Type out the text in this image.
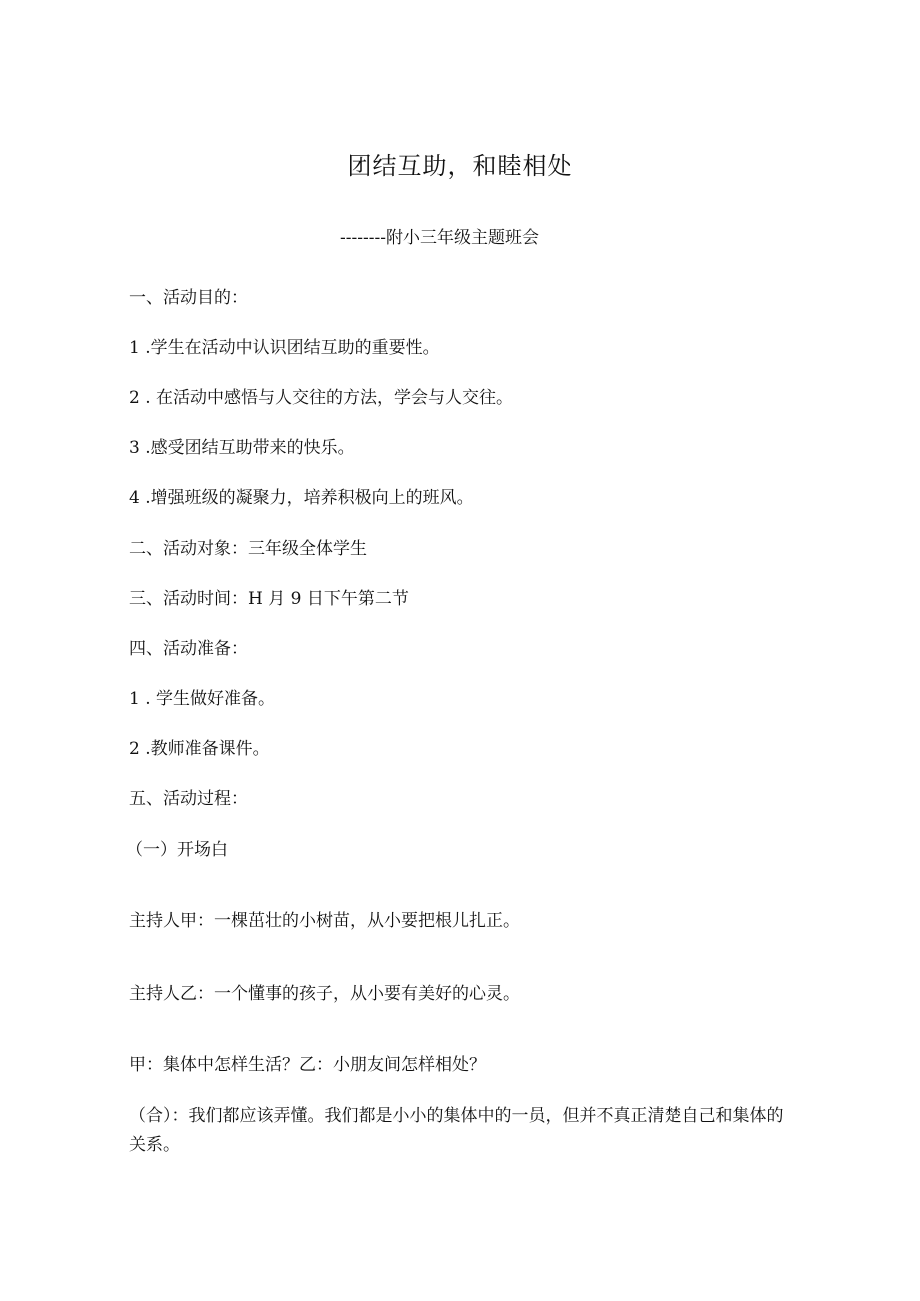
团结互助，和睦相处
--------附小三年级主题班会
一、活动目的：
1 .学生在活动中认识团结互助的重要性。
2 . 在活动中感悟与人交往的方法，学会与人交往。
3 .感受团结互助带来的快乐。
4 .增强班级的凝聚力，培养积极向上的班风。
二、活动对象：三年级全体学生
三、活动时间：H 月 9 日下午第二节
四、活动准备：
1 . 学生做好准备。
2 .教师准备课件。
五、活动过程：
（一）开场白
主持人甲：一棵茁壮的小树苗，从小要把根儿扎正。
主持人乙：一个懂事的孩子，从小要有美好的心灵。
甲：集体中怎样生活？乙：小朋友间怎样相处？
（合）：我们都应该弄懂。我们都是小小的集体中的一员，但并不真正清楚自己和集体的关系。
